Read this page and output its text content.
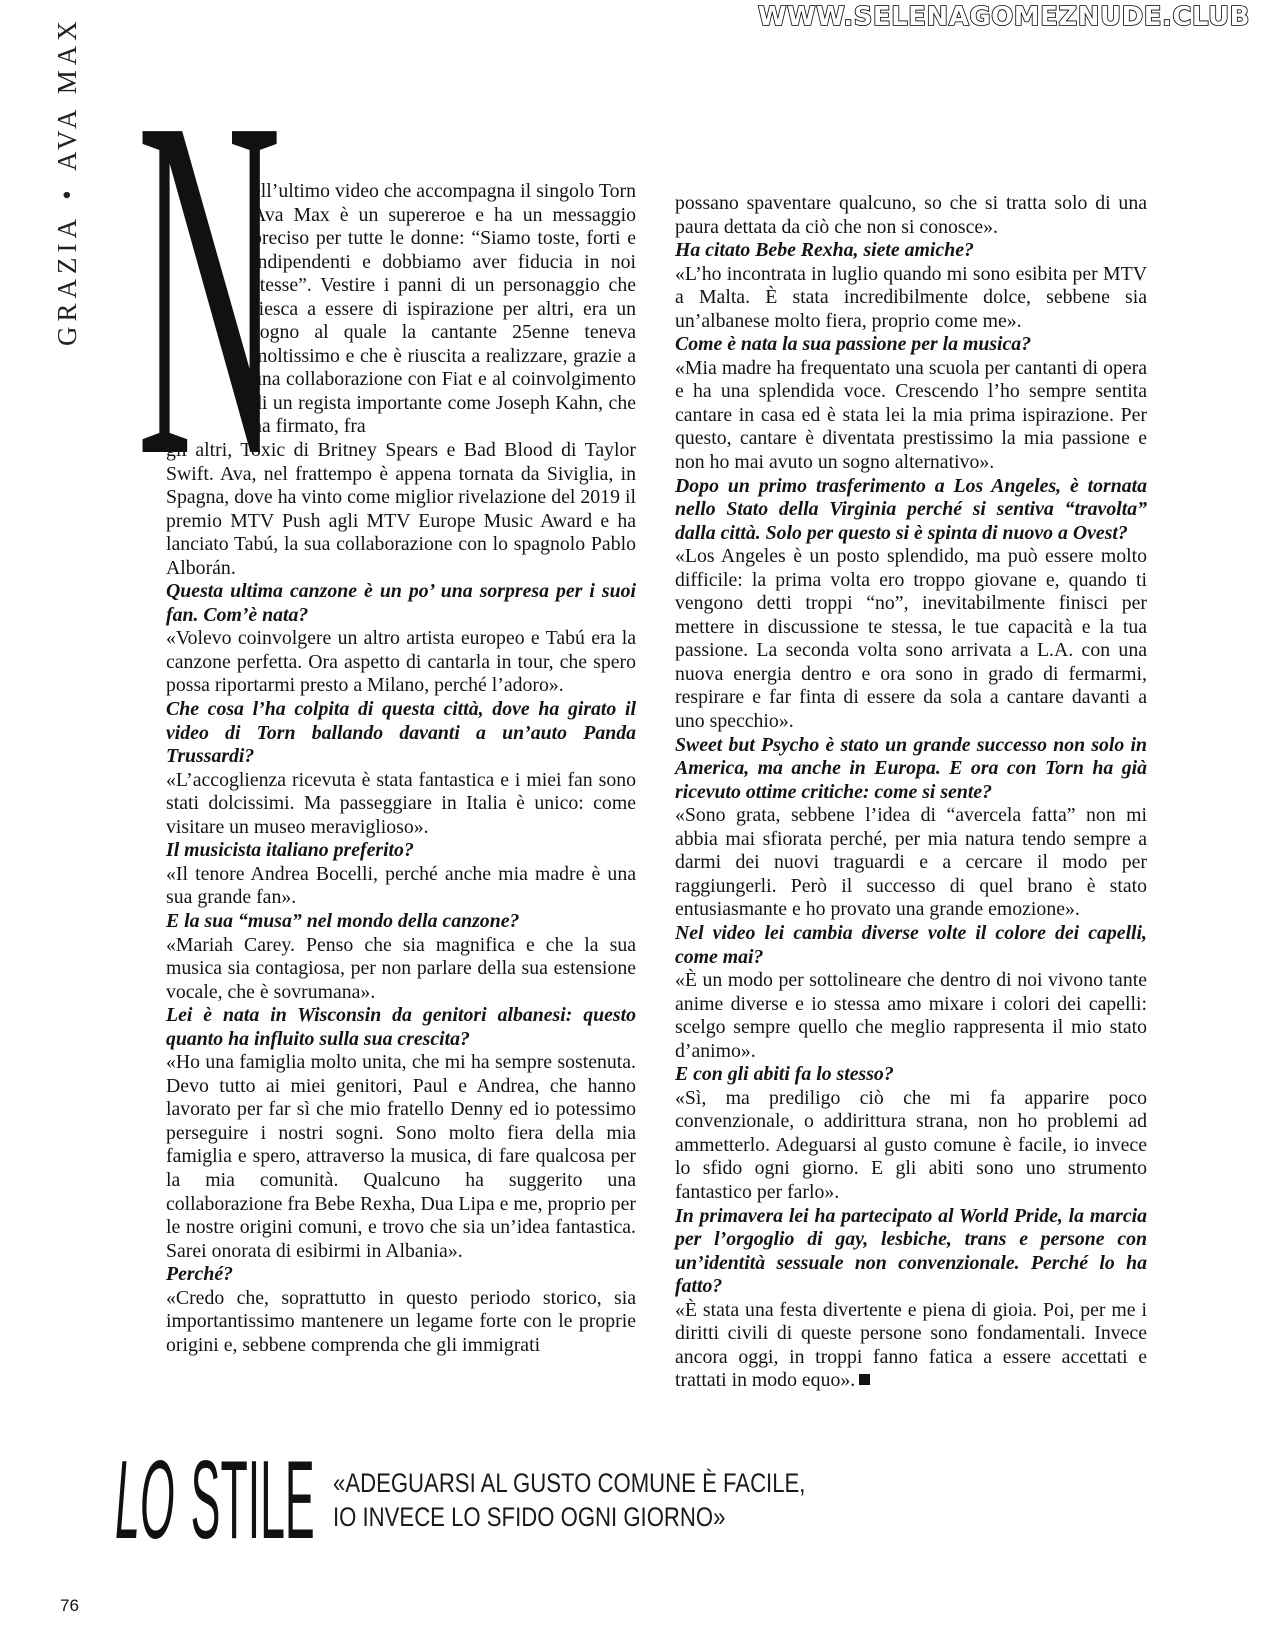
WWW.SELENAGOMEZNUDE.CLUB
GRAZIA • AVA MAX N

ell’ultimo video che accompagna il singolo Torn Ava Max è un supereroe e ha un messaggio preciso per tutte le donne: “Siamo toste, forti e indipendenti e dobbiamo aver fiducia in noi stesse”. Vestire i panni di un personaggio che riesca a essere di ispirazione per altri, era un sogno al quale la cantante 25enne teneva moltissimo e che è riuscita a realizzare, grazie a una collaborazione con Fiat e al coinvolgimento di un regista importante come Joseph Kahn, che ha firmato, fra

gli altri, Toxic di Britney Spears e Bad Blood di Taylor Swift. Ava, nel frattempo è appena tornata da Siviglia, in Spagna, dove ha vinto come miglior rivelazione del 2019 il premio MTV Push agli MTV Europe Music Award e ha lanciato Tabú, la sua collaborazione con lo spagnolo Pablo Alborán.

Questa ultima canzone è un po’ una sorpresa per i suoi fan. Com’è nata?

«Volevo coinvolgere un altro artista europeo e Tabú era la canzone perfetta. Ora aspetto di cantarla in tour, che spero possa riportarmi presto a Milano, perché l’adoro».

Che cosa l’ha colpita di questa città, dove ha girato il video di Torn ballando davanti a un’auto Panda Trussardi?

«L’accoglienza ricevuta è stata fantastica e i miei fan sono stati dolcissimi. Ma passeggiare in Italia è unico: come visitare un museo meraviglioso».

Il musicista italiano preferito?

«Il tenore Andrea Bocelli, perché anche mia madre è una sua grande fan».

E la sua “musa” nel mondo della canzone?

«Mariah Carey. Penso che sia magnifica e che la sua musica sia contagiosa, per non parlare della sua estensione vocale, che è sovrumana».

Lei è nata in Wisconsin da genitori albanesi: questo quanto ha influito sulla sua crescita?

«Ho una famiglia molto unita, che mi ha sempre sostenuta. Devo tutto ai miei genitori, Paul e Andrea, che hanno lavorato per far sì che mio fratello Denny ed io potessimo perseguire i nostri sogni. Sono molto fiera della mia famiglia e spero, attraverso la musica, di fare qualcosa per la mia comunità. Qualcuno ha suggerito una collaborazione fra Bebe Rexha, Dua Lipa e me, proprio per le nostre origini comuni, e trovo che sia un’idea fantastica. Sarei onorata di esibirmi in Albania».

Perché?

«Credo che, soprattutto in questo periodo storico, sia importantissimo mantenere un legame forte con le proprie origini e, sebbene comprenda che gli immigrati

possano spaventare qualcuno, so che si tratta solo di una paura dettata da ciò che non si conosce».

Ha citato Bebe Rexha, siete amiche?

«L’ho incontrata in luglio quando mi sono esibita per MTV a Malta. È stata incredibilmente dolce, sebbene sia un’albanese molto fiera, proprio come me».

Come è nata la sua passione per la musica?

«Mia madre ha frequentato una scuola per cantanti di opera e ha una splendida voce. Crescendo l’ho sempre sentita cantare in casa ed è stata lei la mia prima ispirazione. Per questo, cantare è diventata prestissimo la mia passione e non ho mai avuto un sogno alternativo».

Dopo un primo trasferimento a Los Angeles, è tornata nello Stato della Virginia perché si sentiva “travolta” dalla città. Solo per questo si è spinta di nuovo a Ovest?

«Los Angeles è un posto splendido, ma può essere molto difficile: la prima volta ero troppo giovane e, quando ti vengono detti troppi “no”, inevitabilmente finisci per mettere in discussione te stessa, le tue capacità e la tua passione. La seconda volta sono arrivata a L.A. con una nuova energia dentro e ora sono in grado di fermarmi, respirare e far finta di essere da sola a cantare davanti a uno specchio».

Sweet but Psycho è stato un grande successo non solo in America, ma anche in Europa. E ora con Torn ha già ricevuto ottime critiche: come si sente?

«Sono grata, sebbene l’idea di “avercela fatta” non mi abbia mai sfiorata perché, per mia natura tendo sempre a darmi dei nuovi traguardi e a cercare il modo per raggiungerli. Però il successo di quel brano è stato entusiasmante e ho provato una grande emozione».

Nel video lei cambia diverse volte il colore dei capelli, come mai?

«È un modo per sottolineare che dentro di noi vivono tante anime diverse e io stessa amo mixare i colori dei capelli: scelgo sempre quello che meglio rappresenta il mio stato d’animo».

E con gli abiti fa lo stesso?

«Sì, ma prediligo ciò che mi fa apparire poco convenzionale, o addirittura strana, non ho problemi ad ammetterlo. Adeguarsi al gusto comune è facile, io invece lo sfido ogni giorno. E gli abiti sono uno strumento fantastico per farlo».

In primavera lei ha partecipato al World Pride, la marcia per l’orgoglio di gay, lesbiche, trans e persone con un’identità sessuale non convenzionale. Perché lo ha fatto?

«È stata una festa divertente e piena di gioia. Poi, per me i diritti civili di queste persone sono fondamentali. Invece ancora oggi, in troppi fanno fatica a essere accettati e trattati in modo equo».

LO STILE «ADEGUARSI AL GUSTO COMUNE È FACILE,
IO INVECE LO SFIDO OGNI GIORNO»
76
